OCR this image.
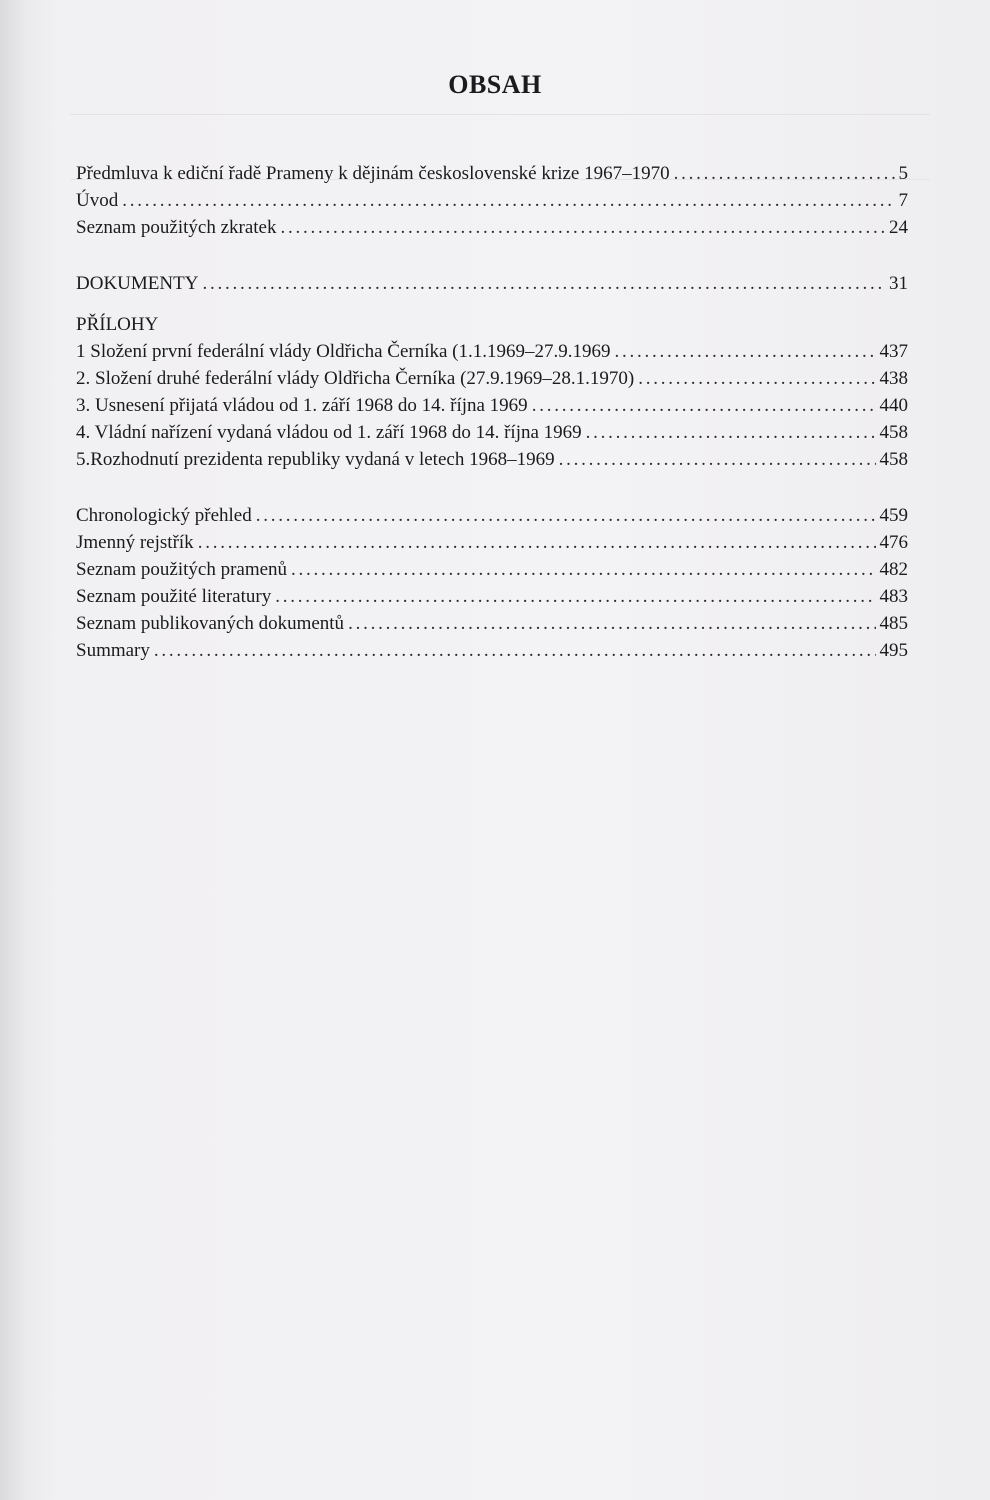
OBSAH
Předmluva k ediční řadě Prameny k dějinám československé krize 1967–1970 . . .	5
Úvod . . .	7
Seznam použitých zkratek . . .	24
DOKUMENTY . . .	31
PŘÍLOHY
1 Složení první federální vlády Oldřicha Černíka (1.1.1969–27.9.1969 . . .	437
2. Složení druhé federální vlády Oldřicha Černíka (27.9.1969–28.1.1970) . . .	438
3. Usnesení přijatá vládou od 1. září 1968 do 14. října 1969 . . .	440
4. Vládní nařízení vydaná vládou od 1. září 1968 do 14. října 1969 . . .	458
5.Rozhodnutí prezidenta republiky vydaná v letech 1968–1969 . . .	458
Chronologický přehled . . .	459
Jmenný rejstřík . . .	476
Seznam použitých pramenů . . .	482
Seznam použité literatury . . .	483
Seznam publikovaných dokumentů . . .	485
Summary . . .	495
